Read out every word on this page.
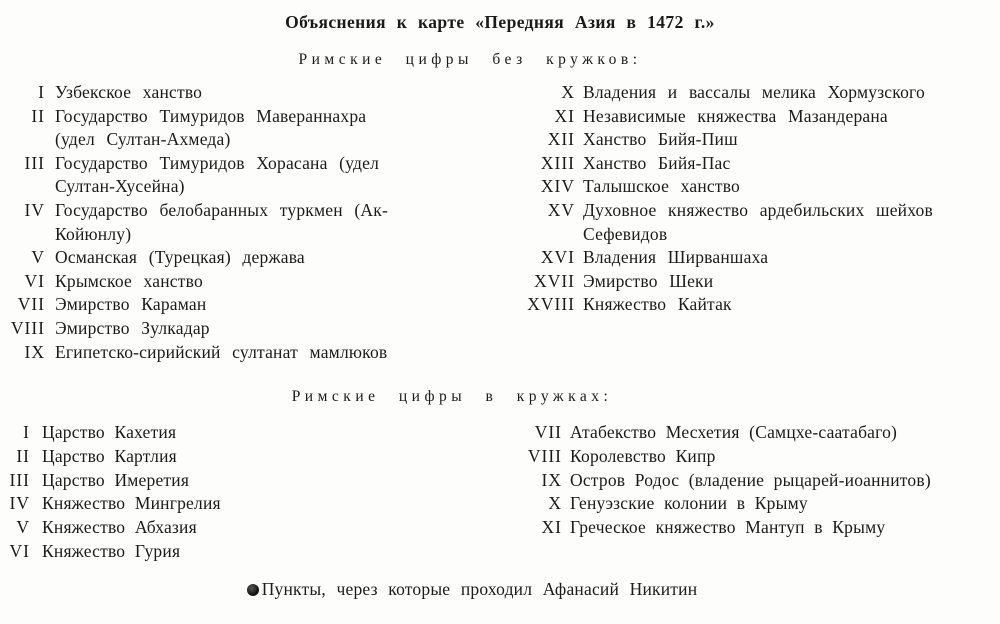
Объяснения к карте «Передняя Азия в 1472 г.»
Римские цифры без кружков:
I Узбекское ханство
II Государство Тимуридов Мавераннахра (удел Султан-Ахмеда)
III Государство Тимуридов Хорасана (удел Султан-Хусейна)
IV Государство белобаранных туркмен (Ак-Койюнлу)
V Османская (Турецкая) держава
VI Крымское ханство
VII Эмирство Караман
VIII Эмирство Зулкадар
IX Египетско-сирийский султанат мамлюков
X Владения и вассалы мелика Хормузского
XI Независимые княжества Мазандерана
XII Ханство Бийя-Пиш
XIII Ханство Бийя-Пас
XIV Талышское ханство
XV Духовное княжество ардебильских шейхов Сефевидов
XVI Владения Ширваншаха
XVII Эмирство Шеки
XVIII Княжество Кайтак
Римские цифры в кружках:
I Царство Кахетия
II Царство Картлия
III Царство Имеретия
IV Княжество Мингрелия
V Княжество Абхазия
VI Княжество Гурия
VII Атабекство Месхетия (Самцхе-саатабаго)
VIII Королевство Кипр
IX Остров Родос (владение рыцарей-иоаннитов)
X Генуэзские колонии в Крыму
XI Греческое княжество Мантуп в Крыму
Пункты, через которые проходил Афанасий Никитин
